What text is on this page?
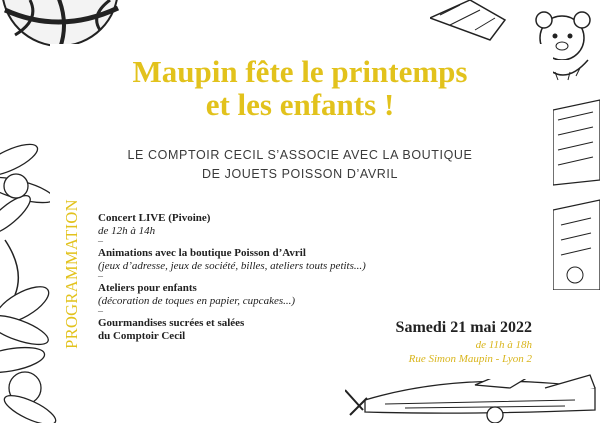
Maupin fête le printemps
et les enfants !
LE COMPTOIR CECIL S’ASSOCIE AVEC LA BOUTIQUE
DE JOUETS POISSON D’AVRIL
PROGRAMMATION Concert LIVE (Pivoine)
de 12h à 14h
–
Animations avec la boutique Poisson d’Avril
(jeux d’adresse, jeux de société, billes, ateliers touts petits...)
–
Ateliers pour enfants
(décoration de toques en papier, cupcakes...)
–
Gourmandises sucrées et salées
du Comptoir Cecil	Samedi 21 mai 2022
de 11h à 18h
Rue Simon Maupin - Lyon 2
